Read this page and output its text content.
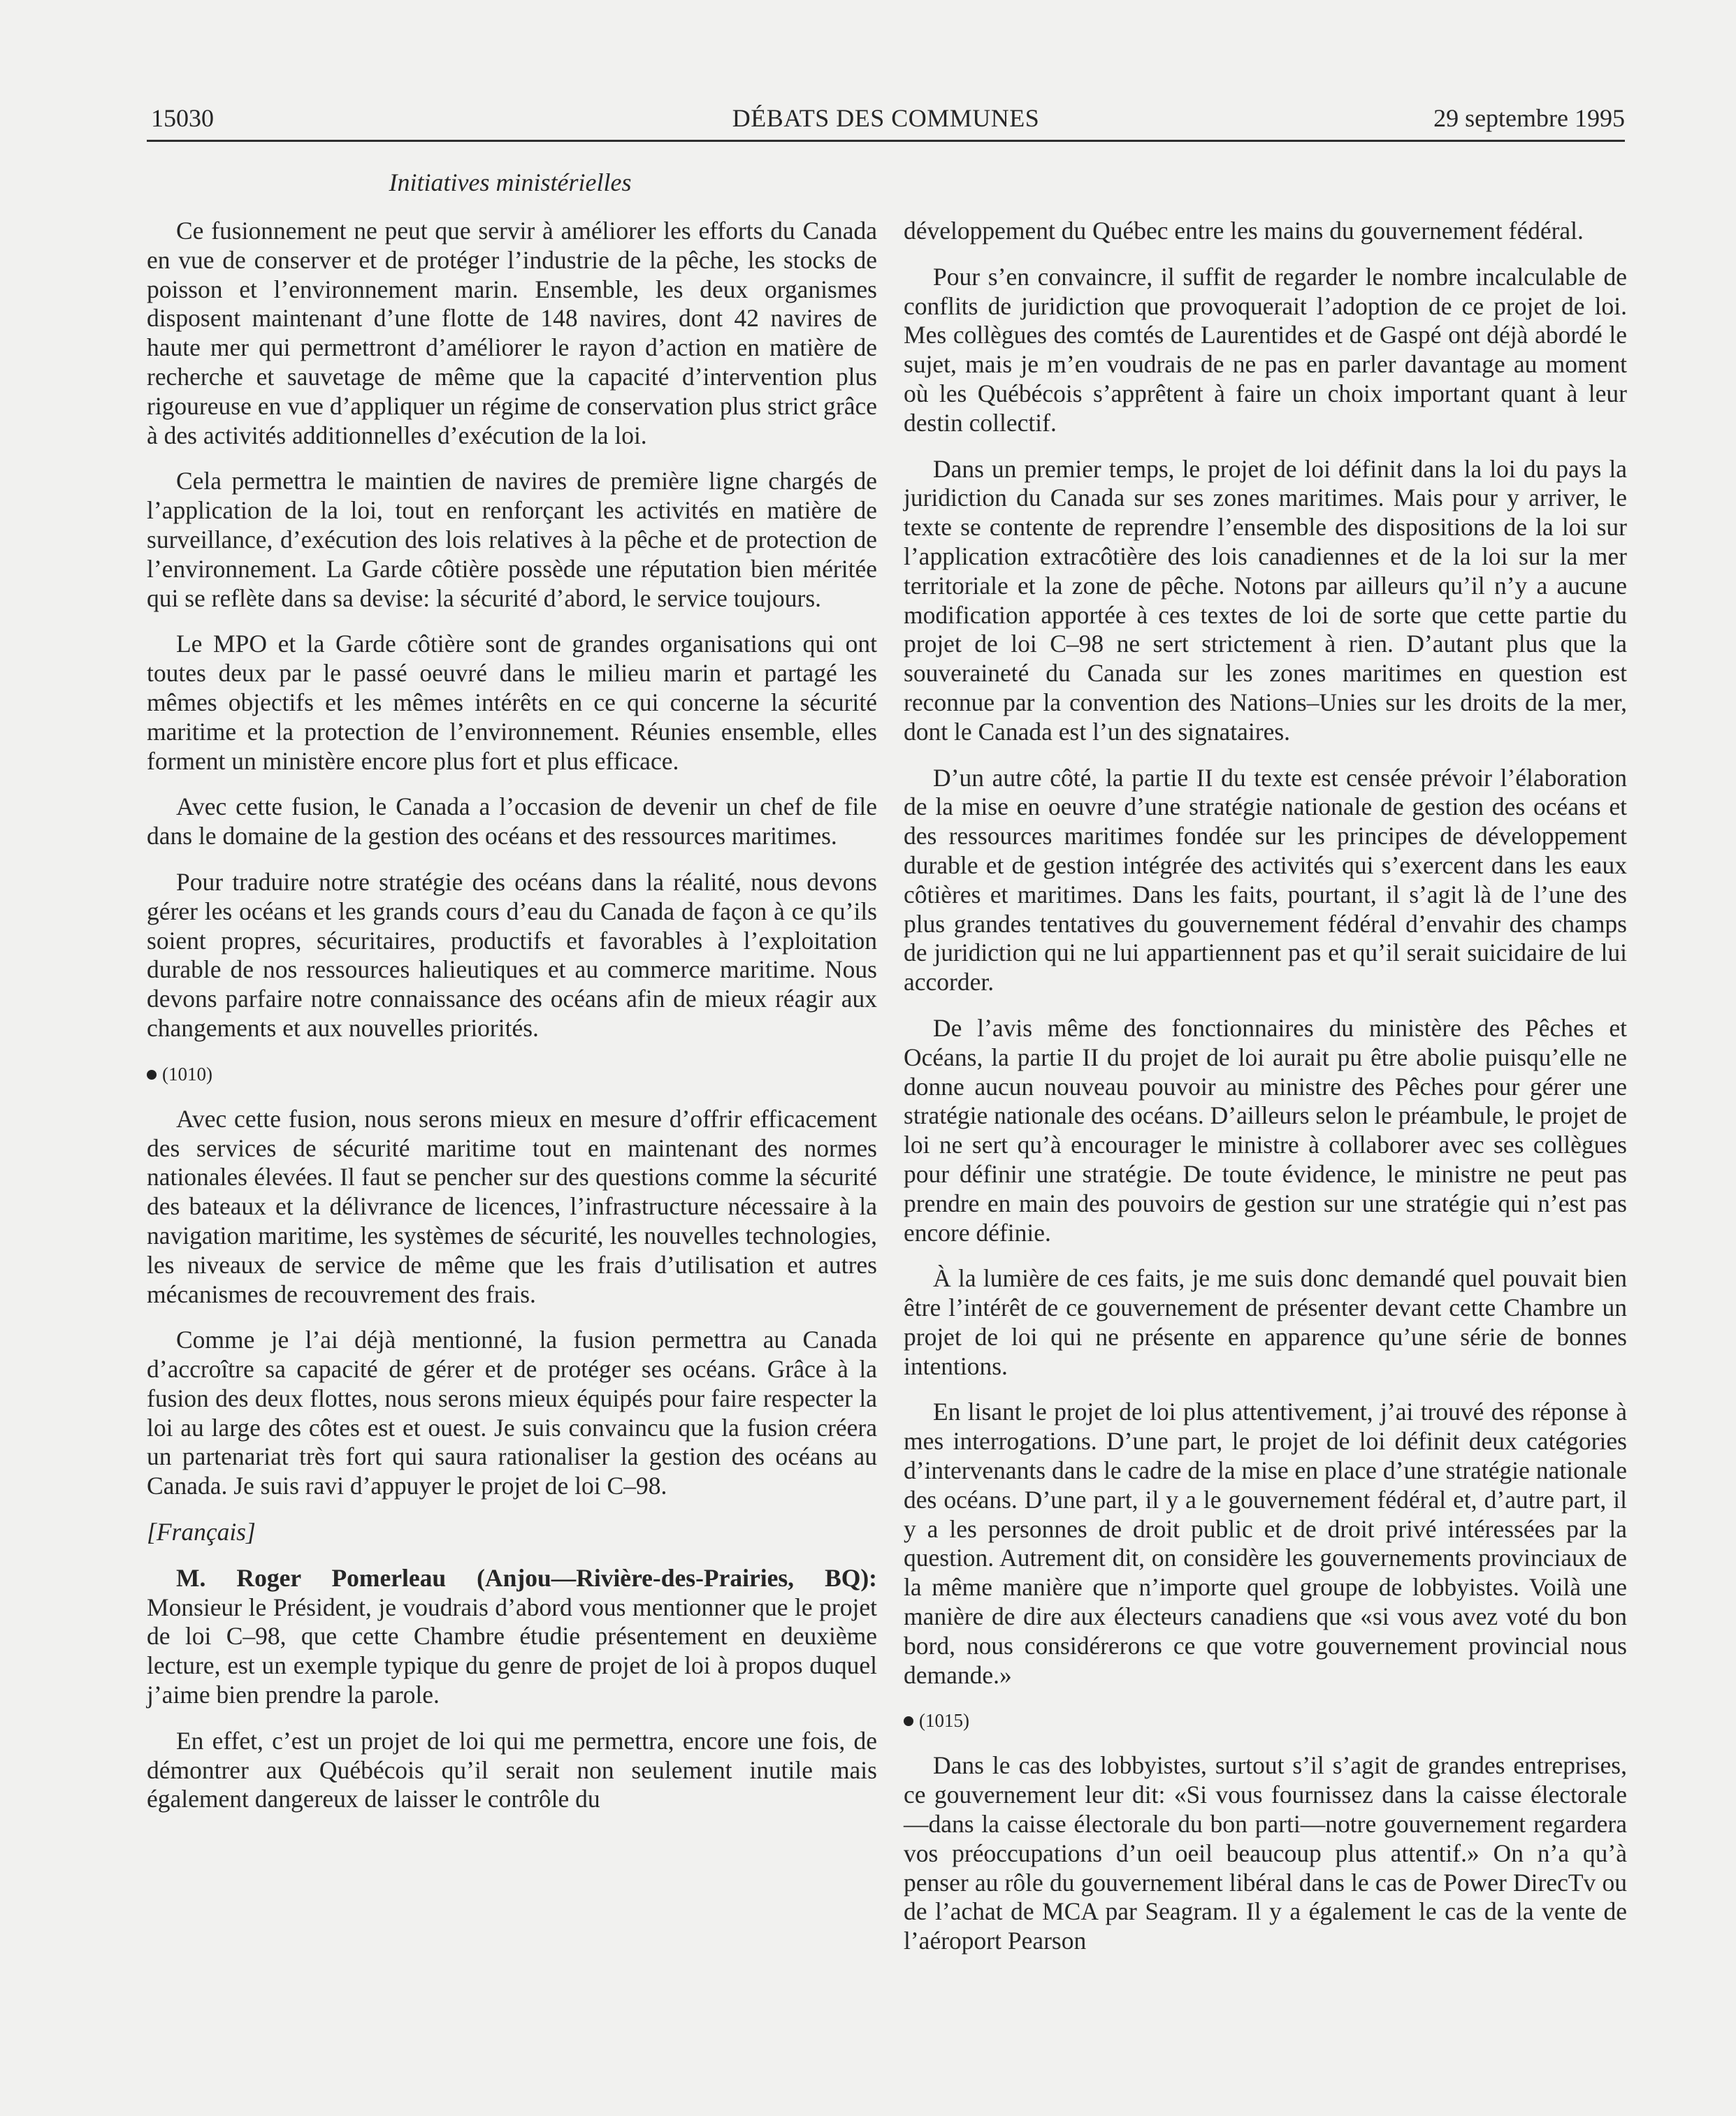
15030	DÉBATS DES COMMUNES	29 septembre 1995
Initiatives ministérielles

Ce fusionnement ne peut que servir à améliorer les efforts du Canada en vue de conserver et de protéger l’industrie de la pêche, les stocks de poisson et l’environnement marin. Ensemble, les deux organismes disposent maintenant d’une flotte de 148 navires, dont 42 navires de haute mer qui permettront d’améliorer le rayon d’action en matière de recherche et sauvetage de même que la capacité d’intervention plus rigoureuse en vue d’appliquer un régime de conservation plus strict grâce à des activités additionnelles d’exécution de la loi.

Cela permettra le maintien de navires de première ligne chargés de l’application de la loi, tout en renforçant les activités en matière de surveillance, d’exécution des lois relatives à la pêche et de protection de l’environnement. La Garde côtière possède une réputation bien méritée qui se reflète dans sa devise: la sécurité d’abord, le service toujours.

Le MPO et la Garde côtière sont de grandes organisations qui ont toutes deux par le passé oeuvré dans le milieu marin et partagé les mêmes objectifs et les mêmes intérêts en ce qui concerne la sécurité maritime et la protection de l’environnement. Réunies ensemble, elles forment un ministère encore plus fort et plus efficace.

Avec cette fusion, le Canada a l’occasion de devenir un chef de file dans le domaine de la gestion des océans et des ressources maritimes.

Pour traduire notre stratégie des océans dans la réalité, nous devons gérer les océans et les grands cours d’eau du Canada de façon à ce qu’ils soient propres, sécuritaires, productifs et favorables à l’exploitation durable de nos ressources halieutiques et au commerce maritime. Nous devons parfaire notre connaissance des océans afin de mieux réagir aux changements et aux nouvelles priorités.

(1010)

Avec cette fusion, nous serons mieux en mesure d’offrir efficacement des services de sécurité maritime tout en maintenant des normes nationales élevées. Il faut se pencher sur des questions comme la sécurité des bateaux et la délivrance de licences, l’infrastructure nécessaire à la navigation maritime, les systèmes de sécurité, les nouvelles technologies, les niveaux de service de même que les frais d’utilisation et autres mécanismes de recouvrement des frais.

Comme je l’ai déjà mentionné, la fusion permettra au Canada d’accroître sa capacité de gérer et de protéger ses océans. Grâce à la fusion des deux flottes, nous serons mieux équipés pour faire respecter la loi au large des côtes est et ouest. Je suis convaincu que la fusion créera un partenariat très fort qui saura rationaliser la gestion des océans au Canada. Je suis ravi d’appuyer le projet de loi C–98.

[Français]

M. Roger Pomerleau (Anjou—Rivière-des-Prairies, BQ): Monsieur le Président, je voudrais d’abord vous mentionner que le projet de loi C–98, que cette Chambre étudie présentement en deuxième lecture, est un exemple typique du genre de projet de loi à propos duquel j’aime bien prendre la parole.

En effet, c’est un projet de loi qui me permettra, encore une fois, de démontrer aux Québécois qu’il serait non seulement inutile mais également dangereux de laisser le contrôle du

développement du Québec entre les mains du gouvernement fédéral.

Pour s’en convaincre, il suffit de regarder le nombre incalculable de conflits de juridiction que provoquerait l’adoption de ce projet de loi. Mes collègues des comtés de Laurentides et de Gaspé ont déjà abordé le sujet, mais je m’en voudrais de ne pas en parler davantage au moment où les Québécois s’apprêtent à faire un choix important quant à leur destin collectif.

Dans un premier temps, le projet de loi définit dans la loi du pays la juridiction du Canada sur ses zones maritimes. Mais pour y arriver, le texte se contente de reprendre l’ensemble des dispositions de la loi sur l’application extracôtière des lois canadiennes et de la loi sur la mer territoriale et la zone de pêche. Notons par ailleurs qu’il n’y a aucune modification apportée à ces textes de loi de sorte que cette partie du projet de loi C–98 ne sert strictement à rien. D’autant plus que la souveraineté du Canada sur les zones maritimes en question est reconnue par la convention des Nations–Unies sur les droits de la mer, dont le Canada est l’un des signataires.

D’un autre côté, la partie II du texte est censée prévoir l’élaboration de la mise en oeuvre d’une stratégie nationale de gestion des océans et des ressources maritimes fondée sur les principes de développement durable et de gestion intégrée des activités qui s’exercent dans les eaux côtières et maritimes. Dans les faits, pourtant, il s’agit là de l’une des plus grandes tentatives du gouvernement fédéral d’envahir des champs de juridiction qui ne lui appartiennent pas et qu’il serait suicidaire de lui accorder.

De l’avis même des fonctionnaires du ministère des Pêches et Océans, la partie II du projet de loi aurait pu être abolie puisqu’elle ne donne aucun nouveau pouvoir au ministre des Pêches pour gérer une stratégie nationale des océans. D’ailleurs selon le préambule, le projet de loi ne sert qu’à encourager le ministre à collaborer avec ses collègues pour définir une stratégie. De toute évidence, le ministre ne peut pas prendre en main des pouvoirs de gestion sur une stratégie qui n’est pas encore définie.

À la lumière de ces faits, je me suis donc demandé quel pouvait bien être l’intérêt de ce gouvernement de présenter devant cette Chambre un projet de loi qui ne présente en apparence qu’une série de bonnes intentions.

En lisant le projet de loi plus attentivement, j’ai trouvé des réponse à mes interrogations. D’une part, le projet de loi définit deux catégories d’intervenants dans le cadre de la mise en place d’une stratégie nationale des océans. D’une part, il y a le gouvernement fédéral et, d’autre part, il y a les personnes de droit public et de droit privé intéressées par la question. Autrement dit, on considère les gouvernements provinciaux de la même manière que n’importe quel groupe de lobbyistes. Voilà une manière de dire aux électeurs canadiens que «si vous avez voté du bon bord, nous considérerons ce que votre gouvernement provincial nous demande.»

(1015)

Dans le cas des lobbyistes, surtout s’il s’agit de grandes entreprises, ce gouvernement leur dit: «Si vous fournissez dans la caisse électorale—dans la caisse électorale du bon parti—notre gouvernement regardera vos préoccupations d’un oeil beaucoup plus attentif.» On n’a qu’à penser au rôle du gouvernement libéral dans le cas de Power DirecTv ou de l’achat de MCA par Seagram. Il y a également le cas de la vente de l’aéroport Pearson
